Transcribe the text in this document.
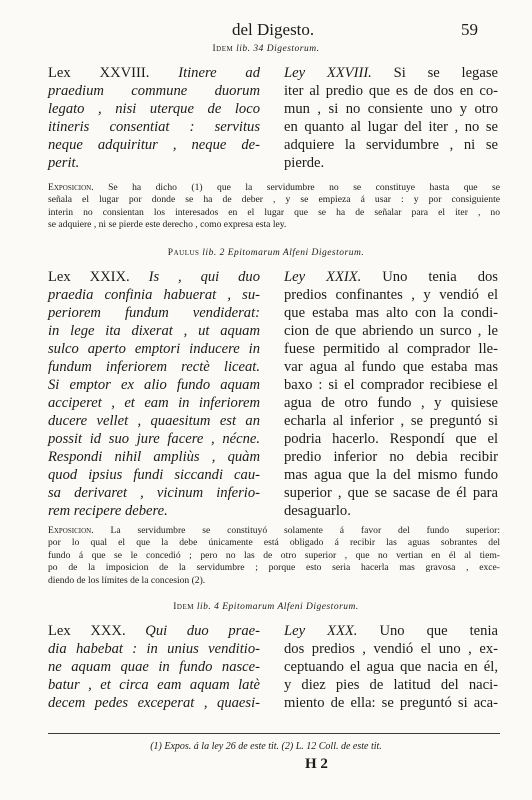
del Digesto.	59
Idem lib. 34 Digestorum.
Lex XXVIII. Itinere ad
praedium commune duorum
legato , nisi uterque de loco
itineris consentiat : servitus
neque adquiritur , neque de-
perit.
Ley XXVIII. Si se legase
iter al predio que es de dos en co-
mun , si no consiente uno y otro
en quanto al lugar del iter , no se
adquiere la servidumbre , ni se
pierde.
Exposicion. Se ha dicho (1) que la servidumbre no se constituye hasta que se
señala el lugar por donde se ha de deber , y se empieza á usar : y por consiguiente
interin no consientan los interesados en el lugar que se ha de señalar para el iter , no
se adquiere , ni se pierde este derecho , como expresa esta ley.
Paulus lib. 2 Epitomarum Alfeni Digestorum.
Lex XXIX. Is , qui duo
praedia confinia habuerat , su-
periorem fundum vendiderat:
in lege ita dixerat , ut aquam
sulco aperto emptori inducere in
fundum inferiorem rectè liceat.
Si emptor ex alio fundo aquam
acciperet , et eam in inferiorem
ducere vellet , quaesitum est an
possit id suo jure facere , nécne.
Respondi nihil ampliùs , quàm
quod ipsius fundi siccandi cau-
sa derivaret , vicinum inferio-
rem recipere debere.
Ley XXIX. Uno tenia dos
predios confinantes , y vendió el
que estaba mas alto con la condi-
cion de que abriendo un surco , le
fuese permitido al comprador lle-
var agua al fundo que estaba mas
baxo : si el comprador recibiese el
agua de otro fundo , y quisiese
echarla al inferior , se preguntó si
podria hacerlo. Respondí que el
predio inferior no debia recibir
mas agua que la del mismo fundo
superior , que se sacase de él para
desaguarlo.
Exposicion. La servidumbre se constituyó solamente á favor del fundo superior:
por lo qual el que la debe únicamente está obligado á recibir las aguas sobrantes del
fundo á que se le concedió ; pero no las de otro superior , que no vertian en él al tiem-
po de la imposicion de la servidumbre ; porque esto seria hacerla mas gravosa , exce-
diendo de los límites de la concesion (2).
Idem lib. 4 Epitomarum Alfeni Digestorum.
Lex XXX. Qui duo prae-
dia habebat : in unius venditio-
ne aquam quae in fundo nasce-
batur , et circa eam aquam latè
decem pedes exceperat , quaesi-
Ley XXX. Uno que tenia
dos predios , vendió el uno , ex-
ceptuando el agua que nacia en él,
y diez pies de latitud del naci-
miento de ella: se preguntó si aca-
(1) Expos. á la ley 26 de este tit. (2) L. 12 Coll. de este tit.
H 2
